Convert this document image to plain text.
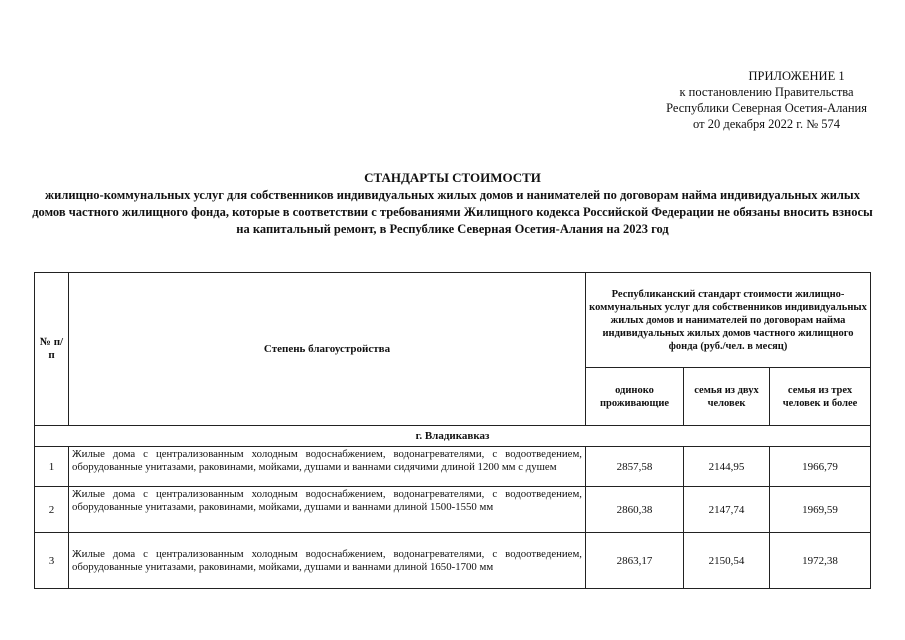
ПРИЛОЖЕНИЕ 1
к постановлению Правительства
Республики Северная Осетия-Алания
от 20 декабря 2022 г. № 574
СТАНДАРТЫ СТОИМОСТИ
жилищно-коммунальных услуг для собственников индивидуальных жилых домов и нанимателей по договорам найма индивидуальных жилых домов частного жилищного фонда, которые в соответствии с требованиями Жилищного кодекса Российской Федерации не обязаны вносить взносы на капитальный ремонт, в Республике Северная Осетия-Алания на 2023 год
№ п/п	Степень благоустройства	Республиканский стандарт стоимости жилищно-коммунальных услуг для собственников индивидуальных жилых домов и нанимателей по договорам найма индивидуальных жилых домов частного жилищного фонда (руб./чел. в месяц)		
		одиноко проживающие	семья из двух человек	семья из трех человек и более
г. Владикавказ				
1	Жилые дома с централизованным холодным водоснабжением, водонагревателями, с водоотведением, оборудованные унитазами, раковинами, мойками, душами и ваннами сидячими длиной 1200 мм с душем	2857,58	2144,95	1966,79
2	Жилые дома с централизованным холодным водоснабжением, водонагревателями, с водоотведением, оборудованные унитазами, раковинами, мойками, душами и ваннами длиной 1500-1550 мм	2860,38	2147,74	1969,59
3	Жилые дома с централизованным холодным водоснабжением, водонагревателями, с водоотведением, оборудованные унитазами, раковинами, мойками, душами и ваннами длиной 1650-1700 мм	2863,17	2150,54	1972,38
